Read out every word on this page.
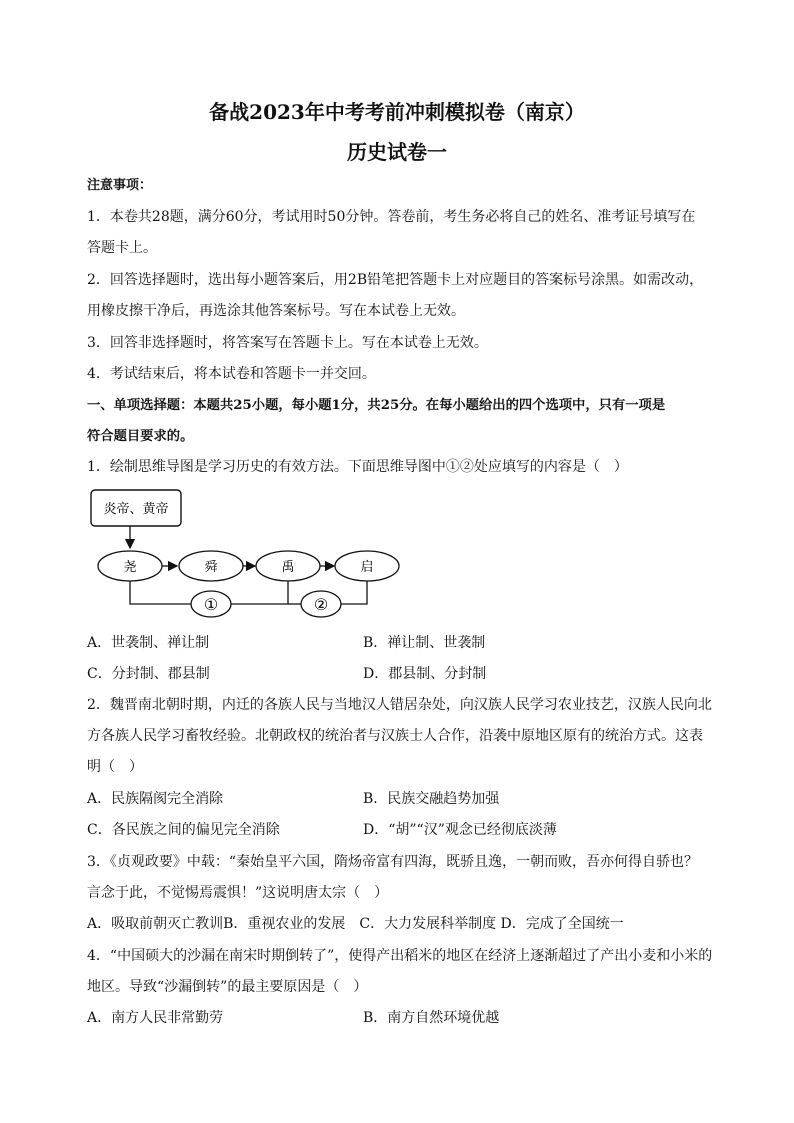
备战2023年中考考前冲刺模拟卷（南京）
历史试卷一
注意事项：
1．本卷共28题，满分60分，考试用时50分钟。答卷前，考生务必将自己的姓名、准考证号填写在
答题卡上。
2．回答选择题时，选出每小题答案后，用2B铅笔把答题卡上对应题目的答案标号涂黑。如需改动，
用橡皮擦干净后，再选涂其他答案标号。写在本试卷上无效。
3．回答非选择题时，将答案写在答题卡上。写在本试卷上无效。
4．考试结束后，将本试卷和答题卡一并交回。
一、单项选择题：本题共25小题，每小题1分，共25分。在每小题给出的四个选项中，只有一项是
符合题目要求的。
1．绘制思维导图是学习历史的有效方法。下面思维导图中①②处应填写的内容是（　）
炎帝、黄帝
尧	舜	禹	启
①	②
A．世袭制、禅让制	B．禅让制、世袭制
C．分封制、郡县制	D．郡县制、分封制
2．魏晋南北朝时期，内迁的各族人民与当地汉人错居杂处，向汉族人民学习农业技艺，汉族人民向北
方各族人民学习畜牧经验。北朝政权的统治者与汉族士人合作，沿袭中原地区原有的统治方式。这表
明（　）
A．民族隔阂完全消除	B．民族交融趋势加强
C．各民族之间的偏见完全消除	D．“胡”“汉”观念已经彻底淡薄
3．《贞观政要》中载：“秦始皇平六国，隋炀帝富有四海，既骄且逸，一朝而败，吾亦何得自骄也？
言念于此，不觉惕焉震惧！”这说明唐太宗（　）
A．吸取前朝灭亡教训B．重视农业的发展　C．大力发展科举制度 D．完成了全国统一
4．“中国硕大的沙漏在南宋时期倒转了”，使得产出稻米的地区在经济上逐渐超过了产出小麦和小米的
地区。导致“沙漏倒转”的最主要原因是（　）
A．南方人民非常勤劳	B．南方自然环境优越
